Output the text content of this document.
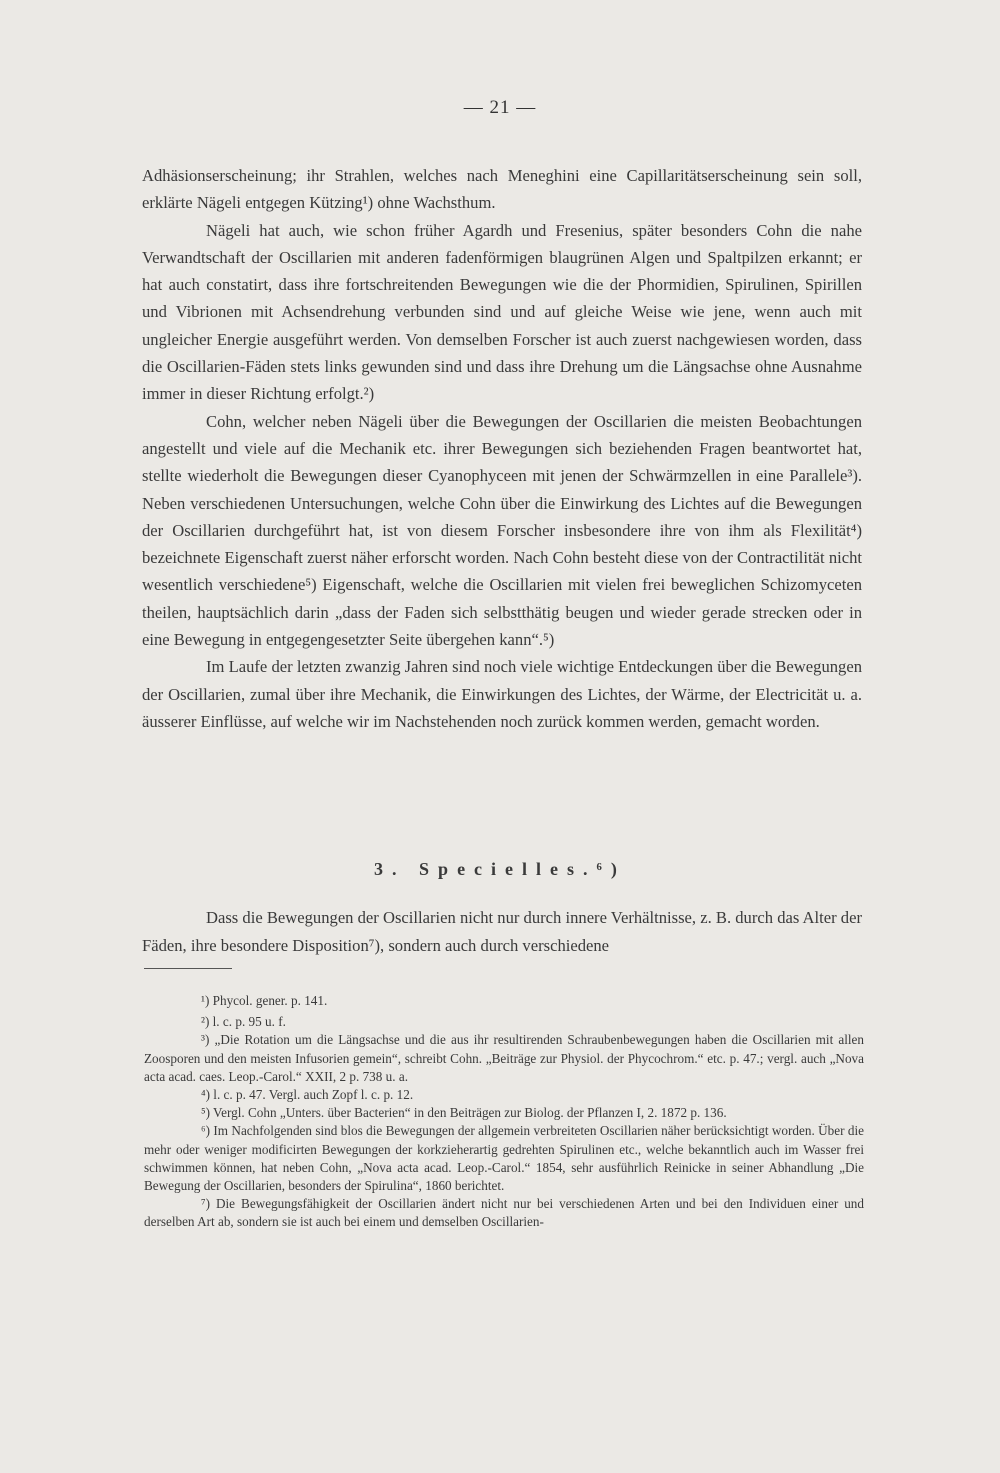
— 21 —

Adhäsionserscheinung; ihr Strahlen, welches nach Meneghini eine Capillaritätserscheinung sein soll, erklärte Nägeli entgegen Kützing¹) ohne Wachsthum.

Nägeli hat auch, wie schon früher Agardh und Fresenius, später besonders Cohn die nahe Verwandtschaft der Oscillarien mit anderen fadenförmigen blaugrünen Algen und Spaltpilzen erkannt; er hat auch constatirt, dass ihre fortschreitenden Bewegungen wie die der Phormidien, Spirulinen, Spirillen und Vibrionen mit Achsendrehung verbunden sind und auf gleiche Weise wie jene, wenn auch mit ungleicher Energie ausgeführt werden. Von demselben Forscher ist auch zuerst nachgewiesen worden, dass die Oscillarien-Fäden stets links gewunden sind und dass ihre Drehung um die Längsachse ohne Ausnahme immer in dieser Richtung erfolgt.²)

Cohn, welcher neben Nägeli über die Bewegungen der Oscillarien die meisten Beobachtungen angestellt und viele auf die Mechanik etc. ihrer Bewegungen sich beziehenden Fragen beantwortet hat, stellte wiederholt die Bewegungen dieser Cyanophyceen mit jenen der Schwärmzellen in eine Parallele³). Neben verschiedenen Untersuchungen, welche Cohn über die Einwirkung des Lichtes auf die Bewegungen der Oscillarien durchgeführt hat, ist von diesem Forscher insbesondere ihre von ihm als Flexilität⁴) bezeichnete Eigenschaft zuerst näher erforscht worden. Nach Cohn besteht diese von der Contractilität nicht wesentlich verschiedene⁵) Eigenschaft, welche die Oscillarien mit vielen frei beweglichen Schizomyceten theilen, hauptsächlich darin „dass der Faden sich selbstthätig beugen und wieder gerade strecken oder in eine Bewegung in entgegengesetzter Seite übergehen kann“.⁵)

Im Laufe der letzten zwanzig Jahren sind noch viele wichtige Entdeckungen über die Bewegungen der Oscillarien, zumal über ihre Mechanik, die Einwirkungen des Lichtes, der Wärme, der Electricität u. a. äusserer Einflüsse, auf welche wir im Nachstehenden noch zurück kommen werden, gemacht worden.

3. Specielles.⁶)

Dass die Bewegungen der Oscillarien nicht nur durch innere Verhältnisse, z. B. durch das Alter der Fäden, ihre besondere Disposition⁷), sondern auch durch verschiedene

¹) Phycol. gener. p. 141.

²) l. c. p. 95 u. f.

³) „Die Rotation um die Längsachse und die aus ihr resultirenden Schraubenbewegungen haben die Oscillarien mit allen Zoosporen und den meisten Infusorien gemein“, schreibt Cohn. „Beiträge zur Physiol. der Phycochrom.“ etc. p. 47.; vergl. auch „Nova acta acad. caes. Leop.-Carol.“ XXII, 2 p. 738 u. a.

⁴) l. c. p. 47. Vergl. auch Zopf l. c. p. 12.

⁵) Vergl. Cohn „Unters. über Bacterien“ in den Beiträgen zur Biolog. der Pflanzen I, 2. 1872 p. 136.

⁶) Im Nachfolgenden sind blos die Bewegungen der allgemein verbreiteten Oscillarien näher berücksichtigt worden. Über die mehr oder weniger modificirten Bewegungen der korkzieherartig gedrehten Spirulinen etc., welche bekanntlich auch im Wasser frei schwimmen können, hat neben Cohn, „Nova acta acad. Leop.-Carol.“ 1854, sehr ausführlich Reinicke in seiner Abhandlung „Die Bewegung der Oscillarien, besonders der Spirulina“, 1860 berichtet.

⁷) Die Bewegungsfähigkeit der Oscillarien ändert nicht nur bei verschiedenen Arten und bei den Individuen einer und derselben Art ab, sondern sie ist auch bei einem und demselben Oscillarien-
